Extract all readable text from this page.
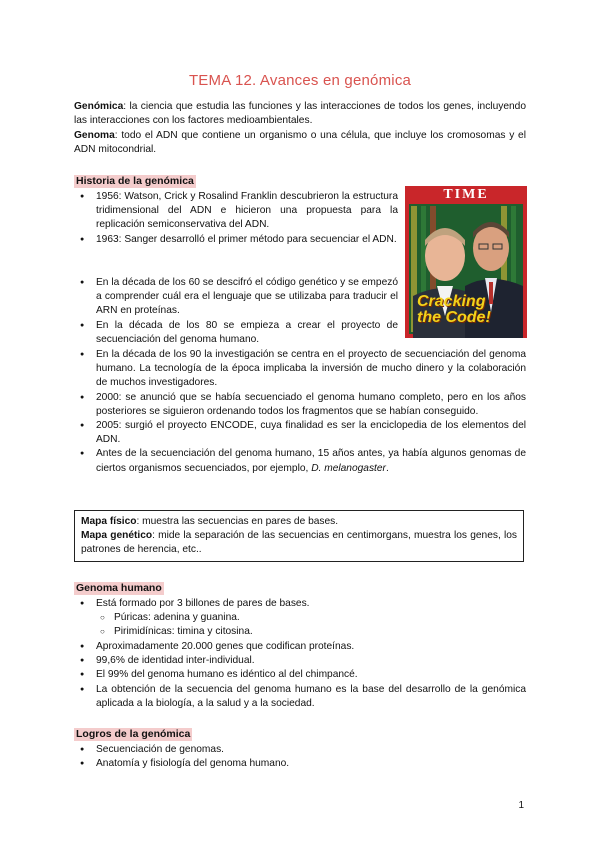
TEMA 12. Avances en genómica

Genómica: la ciencia que estudia las funciones y las interacciones de todos los genes, incluyendo las interacciones con los factores medioambientales.

Genoma: todo el ADN que contiene un organismo o una célula, que incluye los cromosomas y el ADN mitocondrial.

Historia de la genómica
● 1956: Watson, Crick y Rosalind Franklin descubrieron la estructura tridimensional del ADN e hicieron una propuesta para la replicación semiconservativa del ADN.
● 1963: Sanger desarrolló el primer método para secuenciar el ADN.
● En la década de los 60 se descifró el código genético y se empezó a comprender cuál era el lenguaje que se utilizaba para traducir el ARN en proteínas.
● En la década de los 80 se empieza a crear el proyecto de secuenciación del genoma humano.
● En la década de los 90 la investigación se centra en el proyecto de secuenciación del genoma humano. La tecnología de la época implicaba la inversión de mucho dinero y la colaboración de muchos investigadores.
● 2000: se anunció que se había secuenciado el genoma humano completo, pero en los años posteriores se siguieron ordenando todos los fragmentos que se habían conseguido.
● 2005: surgió el proyecto ENCODE, cuya finalidad es ser la enciclopedia de los elementos del ADN.
● Antes de la secuenciación del genoma humano, 15 años antes, ya había algunos genomas de ciertos organismos secuenciados, por ejemplo, D. melanogaster.
TIME
Cracking
the Code!

Mapa físico: muestra las secuencias en pares de bases.

Mapa genético: mide la separación de las secuencias en centimorgans, muestra los genes, los patrones de herencia, etc..

Genoma humano
● Está formado por 3 billones de pares de bases.
○ Púricas: adenina y guanina.
○ Pirimidínicas: timina y citosina.
● Aproximadamente 20.000 genes que codifican proteínas.
● 99,6% de identidad inter-individual.
● El 99% del genoma humano es idéntico al del chimpancé.
● La obtención de la secuencia del genoma humano es la base del desarrollo de la genómica aplicada a la biología, a la salud y a la sociedad.
Logros de la genómica
● Secuenciación de genomas.
● Anatomía y fisiología del genoma humano.
1
